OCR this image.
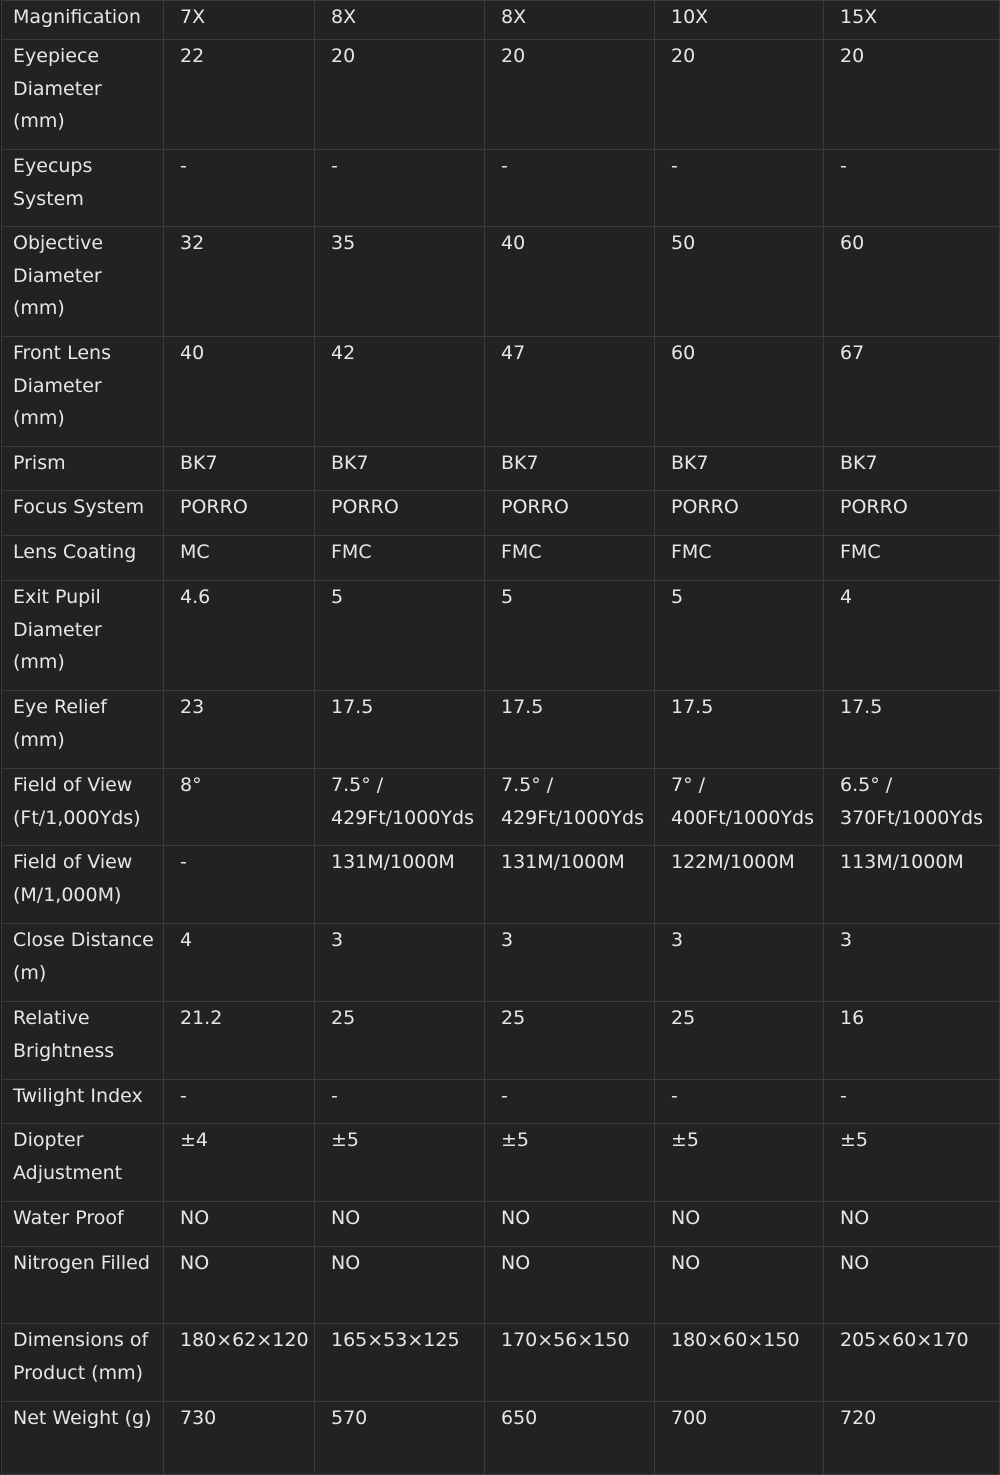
Magnification	7X	8X	8X	10X	15X
Eyepiece Diameter (mm)	22	20	20	20	20
Eyecups System	-	-	-	-	-
Objective Diameter (mm)	32	35	40	50	60
Front Lens Diameter (mm)	40	42	47	60	67
Prism	BK7	BK7	BK7	BK7	BK7
Focus System	PORRO	PORRO	PORRO	PORRO	PORRO
Lens Coating	MC	FMC	FMC	FMC	FMC
Exit Pupil Diameter (mm)	4.6	5	5	5	4
Eye Relief (mm)	23	17.5	17.5	17.5	17.5
Field of View (Ft/1,000Yds)	8°	7.5° / 429Ft/1000Yds	7.5° / 429Ft/1000Yds	7° / 400Ft/1000Yds	6.5° / 370Ft/1000Yds
Field of View (M/1,000M)	-	131M/1000M	131M/1000M	122M/1000M	113M/1000M
Close Distance (m)	4	3	3	3	3
Relative Brightness	21.2	25	25	25	16
Twilight Index	-	-	-	-	-
Diopter Adjustment	±4	±5	±5	±5	±5
Water Proof	NO	NO	NO	NO	NO
Nitrogen Filled	NO	NO	NO	NO	NO
Dimensions of Product (mm)	180×62×120	165×53×125	170×56×150	180×60×150	205×60×170
Net Weight (g)	730	570	650	700	720
